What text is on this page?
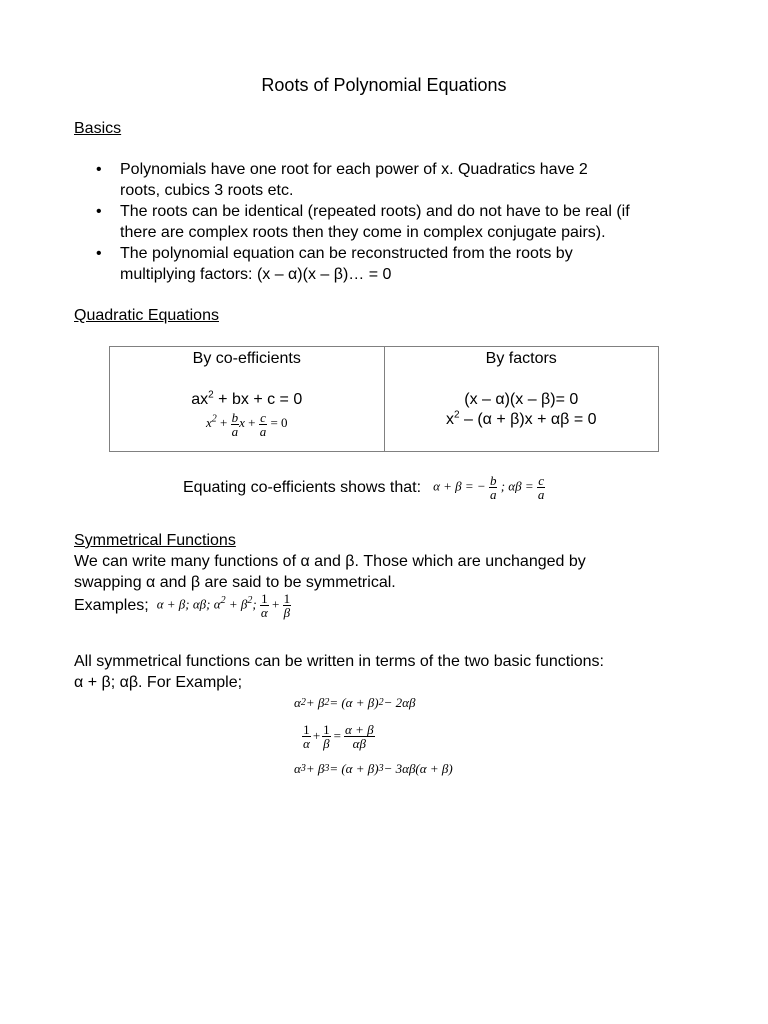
Roots of Polynomial Equations
Basics
• Polynomials have one root for each power of x. Quadratics have 2
roots, cubics 3 roots etc.
• The roots can be identical (repeated roots) and do not have to be real (if
there are complex roots then they come in complex conjugate pairs).
• The polynomial equation can be reconstructed from the roots by
multiplying factors: (x – α)(x – β)… = 0
Quadratic Equations
By co-efficients
$ax^2$ + bx + c = 0
$x^2 + \frac{b}{a}$ $x + \frac{c}{a} = 0$
By factors
(x – α)(x – β)= 0
$x^2 - (\alpha + \beta)x + \alpha\beta = 0$
Equating co-efficients shows that: α + β = − $\frac{b}{a}$ ; $\alpha\beta = \frac{c}{a}$
Symmetrical Functions
We can write many functions of α and β. Those which are unchanged by
swapping α and β are said to be symmetrical.
Examples; α + β; αβ; $\alpha^2 + \beta^2$; $\frac{1}{\alpha} + \frac{1}{\beta}$
All symmetrical functions can be written in terms of the two basic functions:
α + β; αβ. For Example;
α 2 + β 2 = (α + β) 2 − 2αβ
$\frac{1}{\alpha} + \frac{1}{\beta} = \frac{\alpha + \beta}{\alpha\beta}$
α 3 + β 3 = (α + β) 3 − 3αβ(α + β)
